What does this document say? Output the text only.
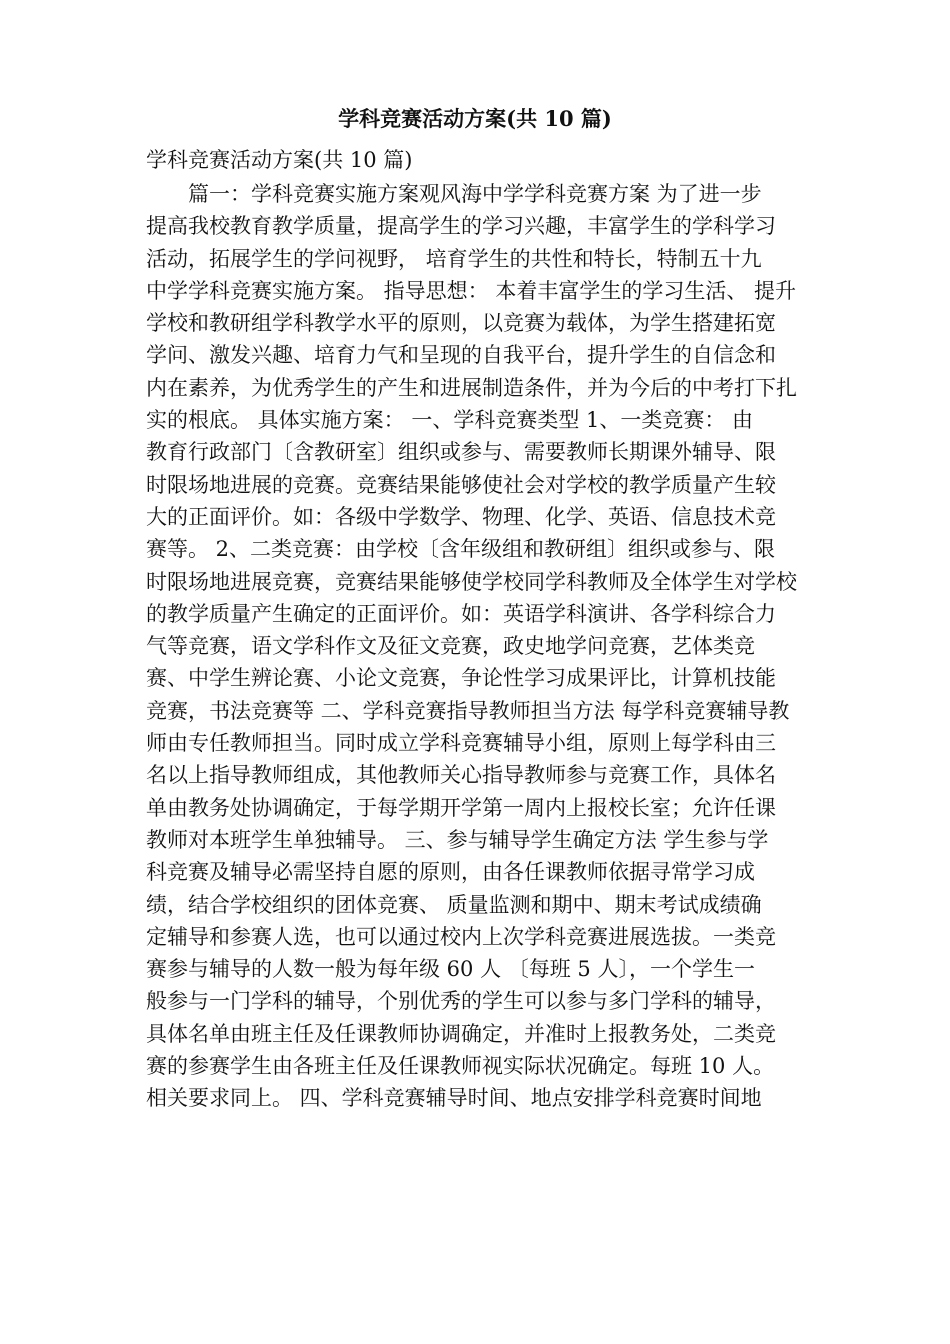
学科竞赛活动方案(共 10 篇)

学科竞赛活动方案(共 10 篇)

　　篇一：学科竞赛实施方案观风海中学学科竞赛方案 为了进一步
提高我校教育教学质量，提高学生的学习兴趣，丰富学生的学科学习
活动，拓展学生的学问视野， 培育学生的共性和特长，特制五十九
中学学科竞赛实施方案。 指导思想： 本着丰富学生的学习生活、 提升
学校和教研组学科教学水平的原则，以竞赛为载体，为学生搭建拓宽
学问、激发兴趣、培育力气和呈现的自我平台，提升学生的自信念和
内在素养，为优秀学生的产生和进展制造条件，并为今后的中考打下扎
实的根底。 具体实施方案： 一、学科竞赛类型 1、一类竞赛： 由
教育行政部门〔含教研室〕组织或参与、需要教师长期课外辅导、限
时限场地进展的竞赛。竞赛结果能够使社会对学校的教学质量产生较
大的正面评价。如：各级中学数学、物理、化学、英语、信息技术竞
赛等。 2、二类竞赛：由学校〔含年级组和教研组〕组织或参与、限
时限场地进展竞赛，竞赛结果能够使学校同学科教师及全体学生对学校
的教学质量产生确定的正面评价。如：英语学科演讲、各学科综合力
气等竞赛，语文学科作文及征文竞赛，政史地学问竞赛，艺体类竞
赛、中学生辨论赛、小论文竞赛，争论性学习成果评比，计算机技能
竞赛，书法竞赛等 二、学科竞赛指导教师担当方法 每学科竞赛辅导教
师由专任教师担当。同时成立学科竞赛辅导小组，原则上每学科由三
名以上指导教师组成，其他教师关心指导教师参与竞赛工作，具体名
单由教务处协调确定，于每学期开学第一周内上报校长室；允许任课
教师对本班学生单独辅导。 三、参与辅导学生确定方法 学生参与学
科竞赛及辅导必需坚持自愿的原则，由各任课教师依据寻常学习成
绩，结合学校组织的团体竞赛、 质量监测和期中、期末考试成绩确
定辅导和参赛人选，也可以通过校内上次学科竞赛进展选拔。一类竞
赛参与辅导的人数一般为每年级 60 人 〔每班 5 人〕，一个学生一
般参与一门学科的辅导，个别优秀的学生可以参与多门学科的辅导，
具体名单由班主任及任课教师协调确定，并准时上报教务处，二类竞
赛的参赛学生由各班主任及任课教师视实际状况确定。每班 10 人。
相关要求同上。 四、学科竞赛辅导时间、地点安排学科竞赛时间地
